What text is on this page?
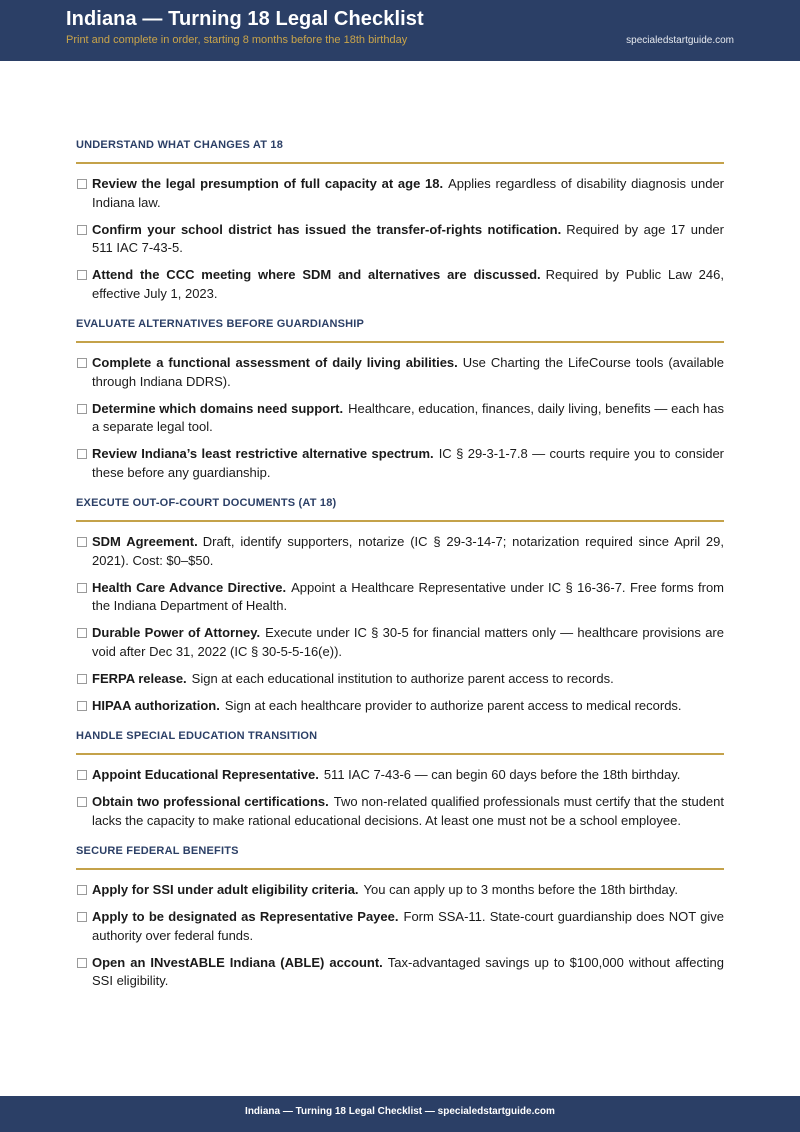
Indiana — Turning 18 Legal Checklist
Print and complete in order, starting 8 months before the 18th birthday	specialedstartguide.com
UNDERSTAND WHAT CHANGES AT 18
Review the legal presumption of full capacity at age 18. Applies regardless of disability diagnosis under Indiana law.
Confirm your school district has issued the transfer-of-rights notification. Required by age 17 under 511 IAC 7-43-5.
Attend the CCC meeting where SDM and alternatives are discussed. Required by Public Law 246, effective July 1, 2023.
EVALUATE ALTERNATIVES BEFORE GUARDIANSHIP
Complete a functional assessment of daily living abilities. Use Charting the LifeCourse tools (available through Indiana DDRS).
Determine which domains need support. Healthcare, education, finances, daily living, benefits — each has a separate legal tool.
Review Indiana’s least restrictive alternative spectrum. IC § 29-3-1-7.8 — courts require you to consider these before any guardianship.
EXECUTE OUT-OF-COURT DOCUMENTS (AT 18)
SDM Agreement. Draft, identify supporters, notarize (IC § 29-3-14-7; notarization required since April 29, 2021). Cost: $0–$50.
Health Care Advance Directive. Appoint a Healthcare Representative under IC § 16-36-7. Free forms from the Indiana Department of Health.
Durable Power of Attorney. Execute under IC § 30-5 for financial matters only — healthcare provisions are void after Dec 31, 2022 (IC § 30-5-5-16(e)).
FERPA release. Sign at each educational institution to authorize parent access to records.
HIPAA authorization. Sign at each healthcare provider to authorize parent access to medical records.
HANDLE SPECIAL EDUCATION TRANSITION
Appoint Educational Representative. 511 IAC 7-43-6 — can begin 60 days before the 18th birthday.
Obtain two professional certifications. Two non-related qualified professionals must certify that the student lacks the capacity to make rational educational decisions. At least one must not be a school employee.
SECURE FEDERAL BENEFITS
Apply for SSI under adult eligibility criteria. You can apply up to 3 months before the 18th birthday.
Apply to be designated as Representative Payee. Form SSA-11. State-court guardianship does NOT give authority over federal funds.
Open an INvestABLE Indiana (ABLE) account. Tax-advantaged savings up to $100,000 without affecting SSI eligibility.
Indiana — Turning 18 Legal Checklist — specialedstartguide.com
